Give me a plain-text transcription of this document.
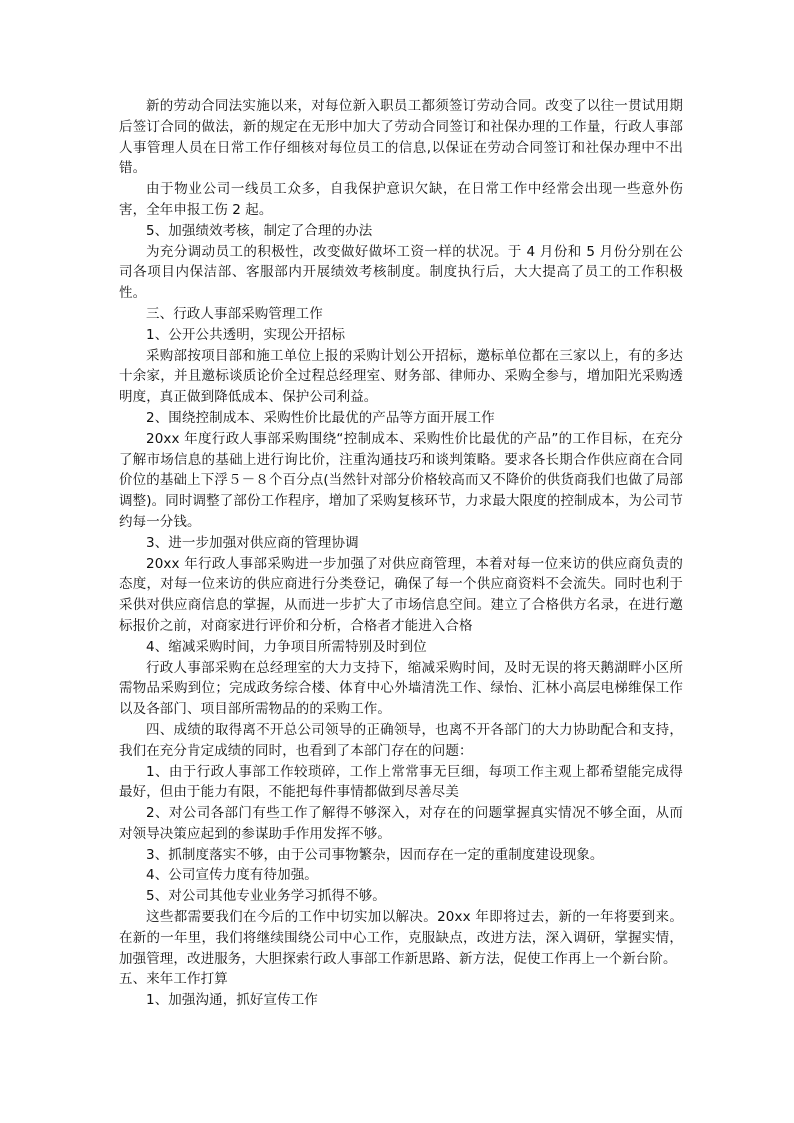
新的劳动合同法实施以来，对每位新入职员工都须签订劳动合同。改变了以往一贯试用期后签订合同的做法，新的规定在无形中加大了劳动合同签订和社保办理的工作量，行政人事部人事管理人员在日常工作仔细核对每位员工的信息,以保证在劳动合同签订和社保办理中不出错。

由于物业公司一线员工众多，自我保护意识欠缺，在日常工作中经常会出现一些意外伤害，全年申报工伤 2 起。

5、加强绩效考核，制定了合理的办法

为充分调动员工的积极性，改变做好做坏工资一样的状况。于 4 月份和 5 月份分别在公司各项目内保洁部、客服部内开展绩效考核制度。制度执行后，大大提高了员工的工作积极性。

三、行政人事部采购管理工作

1、公开公共透明，实现公开招标

采购部按项目部和施工单位上报的采购计划公开招标，邀标单位都在三家以上，有的多达十余家，并且邀标谈质论价全过程总经理室、财务部、律师办、采购全参与，增加阳光采购透明度，真正做到降低成本、保护公司利益。

2、围绕控制成本、采购性价比最优的产品等方面开展工作

20xx 年度行政人事部采购围绕“控制成本、采购性价比最优的产品”的工作目标，在充分了解市场信息的基础上进行询比价，注重沟通技巧和谈判策略。要求各长期合作供应商在合同价位的基础上下浮５－８个百分点(当然针对部分价格较高而又不降价的供货商我们也做了局部调整)。同时调整了部份工作程序，增加了采购复核环节，力求最大限度的控制成本，为公司节约每一分钱。

3、进一步加强对供应商的管理协调

20xx 年行政人事部采购进一步加强了对供应商管理，本着对每一位来访的供应商负责的态度，对每一位来访的供应商进行分类登记，确保了每一个供应商资料不会流失。同时也利于采供对供应商信息的掌握，从而进一步扩大了市场信息空间。建立了合格供方名录，在进行邀标报价之前，对商家进行评价和分析，合格者才能进入合格

4、缩减采购时间，力争项目所需特别及时到位

行政人事部采购在总经理室的大力支持下，缩减采购时间，及时无误的将天鹅湖畔小区所需物品采购到位；完成政务综合楼、体育中心外墙清洗工作、绿怡、汇林小高层电梯维保工作以及各部门、项目部所需物品的的采购工作。

四、成绩的取得离不开总公司领导的正确领导，也离不开各部门的大力协助配合和支持，我们在充分肯定成绩的同时，也看到了本部门存在的问题：

1、由于行政人事部工作较琐碎，工作上常常事无巨细，每项工作主观上都希望能完成得最好，但由于能力有限，不能把每件事情都做到尽善尽美

2、对公司各部门有些工作了解得不够深入，对存在的问题掌握真实情况不够全面，从而对领导决策应起到的参谋助手作用发挥不够。

3、抓制度落实不够，由于公司事物繁杂，因而存在一定的重制度建设现象。

4、公司宣传力度有待加强。

5、对公司其他专业业务学习抓得不够。

这些都需要我们在今后的工作中切实加以解决。20xx 年即将过去，新的一年将要到来。在新的一年里，我们将继续围绕公司中心工作，克服缺点，改进方法，深入调研，掌握实情，加强管理，改进服务，大胆探索行政人事部工作新思路、新方法，促使工作再上一个新台阶。

五、来年工作打算

1、加强沟通，抓好宣传工作
